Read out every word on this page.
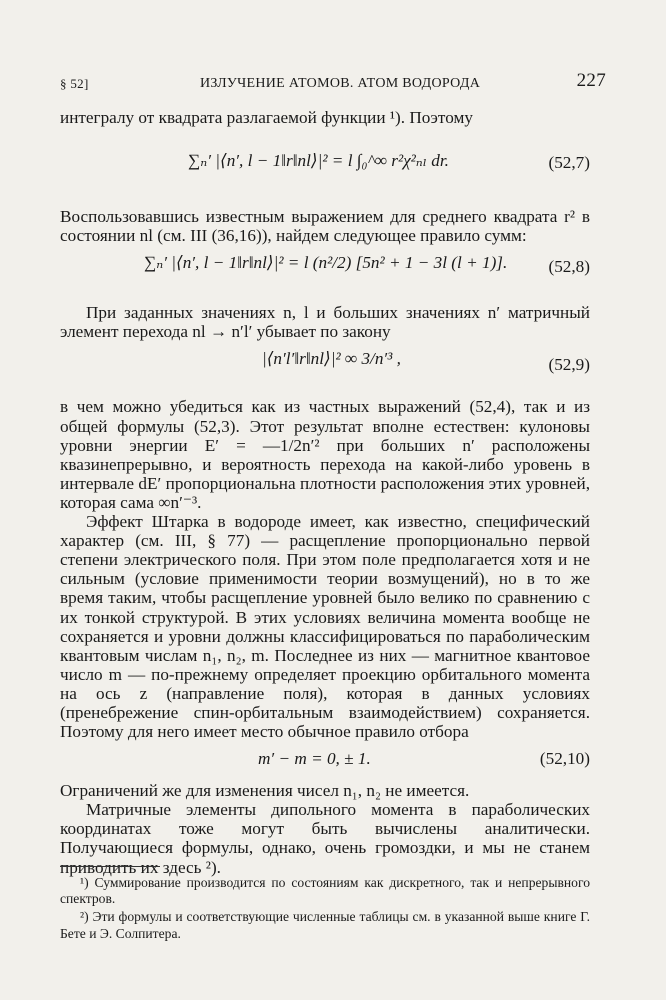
§ 52]	ИЗЛУЧЕНИЕ АТОМОВ. АТОМ ВОДОРОДА	227

интегралу от квадрата разлагаемой функции ¹). Поэтому

∑ₙ′ |⟨n′, l − 1‖r‖nl⟩|² = l ∫₀^∞ r²χ²ₙₗ dr.	(52,7)

Воспользовавшись известным выражением для среднего квадрата r² в состоянии nl (см. III (36,16)), найдем следующее правило сумм:

∑ₙ′ |⟨n′, l − 1‖r‖nl⟩|² = l (n²/2) [5n² + 1 − 3l (l + 1)]. (52,8)

При заданных значениях n, l и больших значениях n′ матричный элемент перехода nl → n′l′ убывает по закону

|⟨n′l′‖r‖nl⟩|² ∞ 3/n′³ ,	(52,9)

в чем можно убедиться как из частных выражений (52,4), так и из общей формулы (52,3). Этот результат вполне естествен: кулоновы уровни энергии E′ = —1/2n′² при больших n′ расположены квазинепрерывно, и вероятность перехода на какой-либо уровень в интервале dE′ пропорциональна плотности расположения этих уровней, которая сама ∞n′⁻³.

Эффект Штарка в водороде имеет, как известно, специфический характер (см. III, § 77) — расщепление пропорционально первой степени электрического поля. При этом поле предполагается хотя и не сильным (условие применимости теории возмущений), но в то же время таким, чтобы расщепление уровней было велико по сравнению с их тонкой структурой. В этих условиях величина момента вообще не сохраняется и уровни должны классифицироваться по параболическим квантовым числам n₁, n₂, m. Последнее из них — магнитное квантовое число m — по-прежнему определяет проекцию орбитального момента на ось z (направление поля), которая в данных условиях (пренебрежение спин-орбитальным взаимодействием) сохраняется. Поэтому для него имеет место обычное правило отбора

m′ − m = 0, ± 1.	(52,10)

Ограничений же для изменения чисел n₁, n₂ не имеется.

Матричные элементы дипольного момента в параболических координатах тоже могут быть вычислены аналитически. Получающиеся формулы, однако, очень громоздки, и мы не станем приводить их здесь ²).

¹) Суммирование производится по состояниям как дискретного, так и непрерывного спектров.

²) Эти формулы и соответствующие численные таблицы см. в указанной выше книге Г. Бете и Э. Солпитера.
